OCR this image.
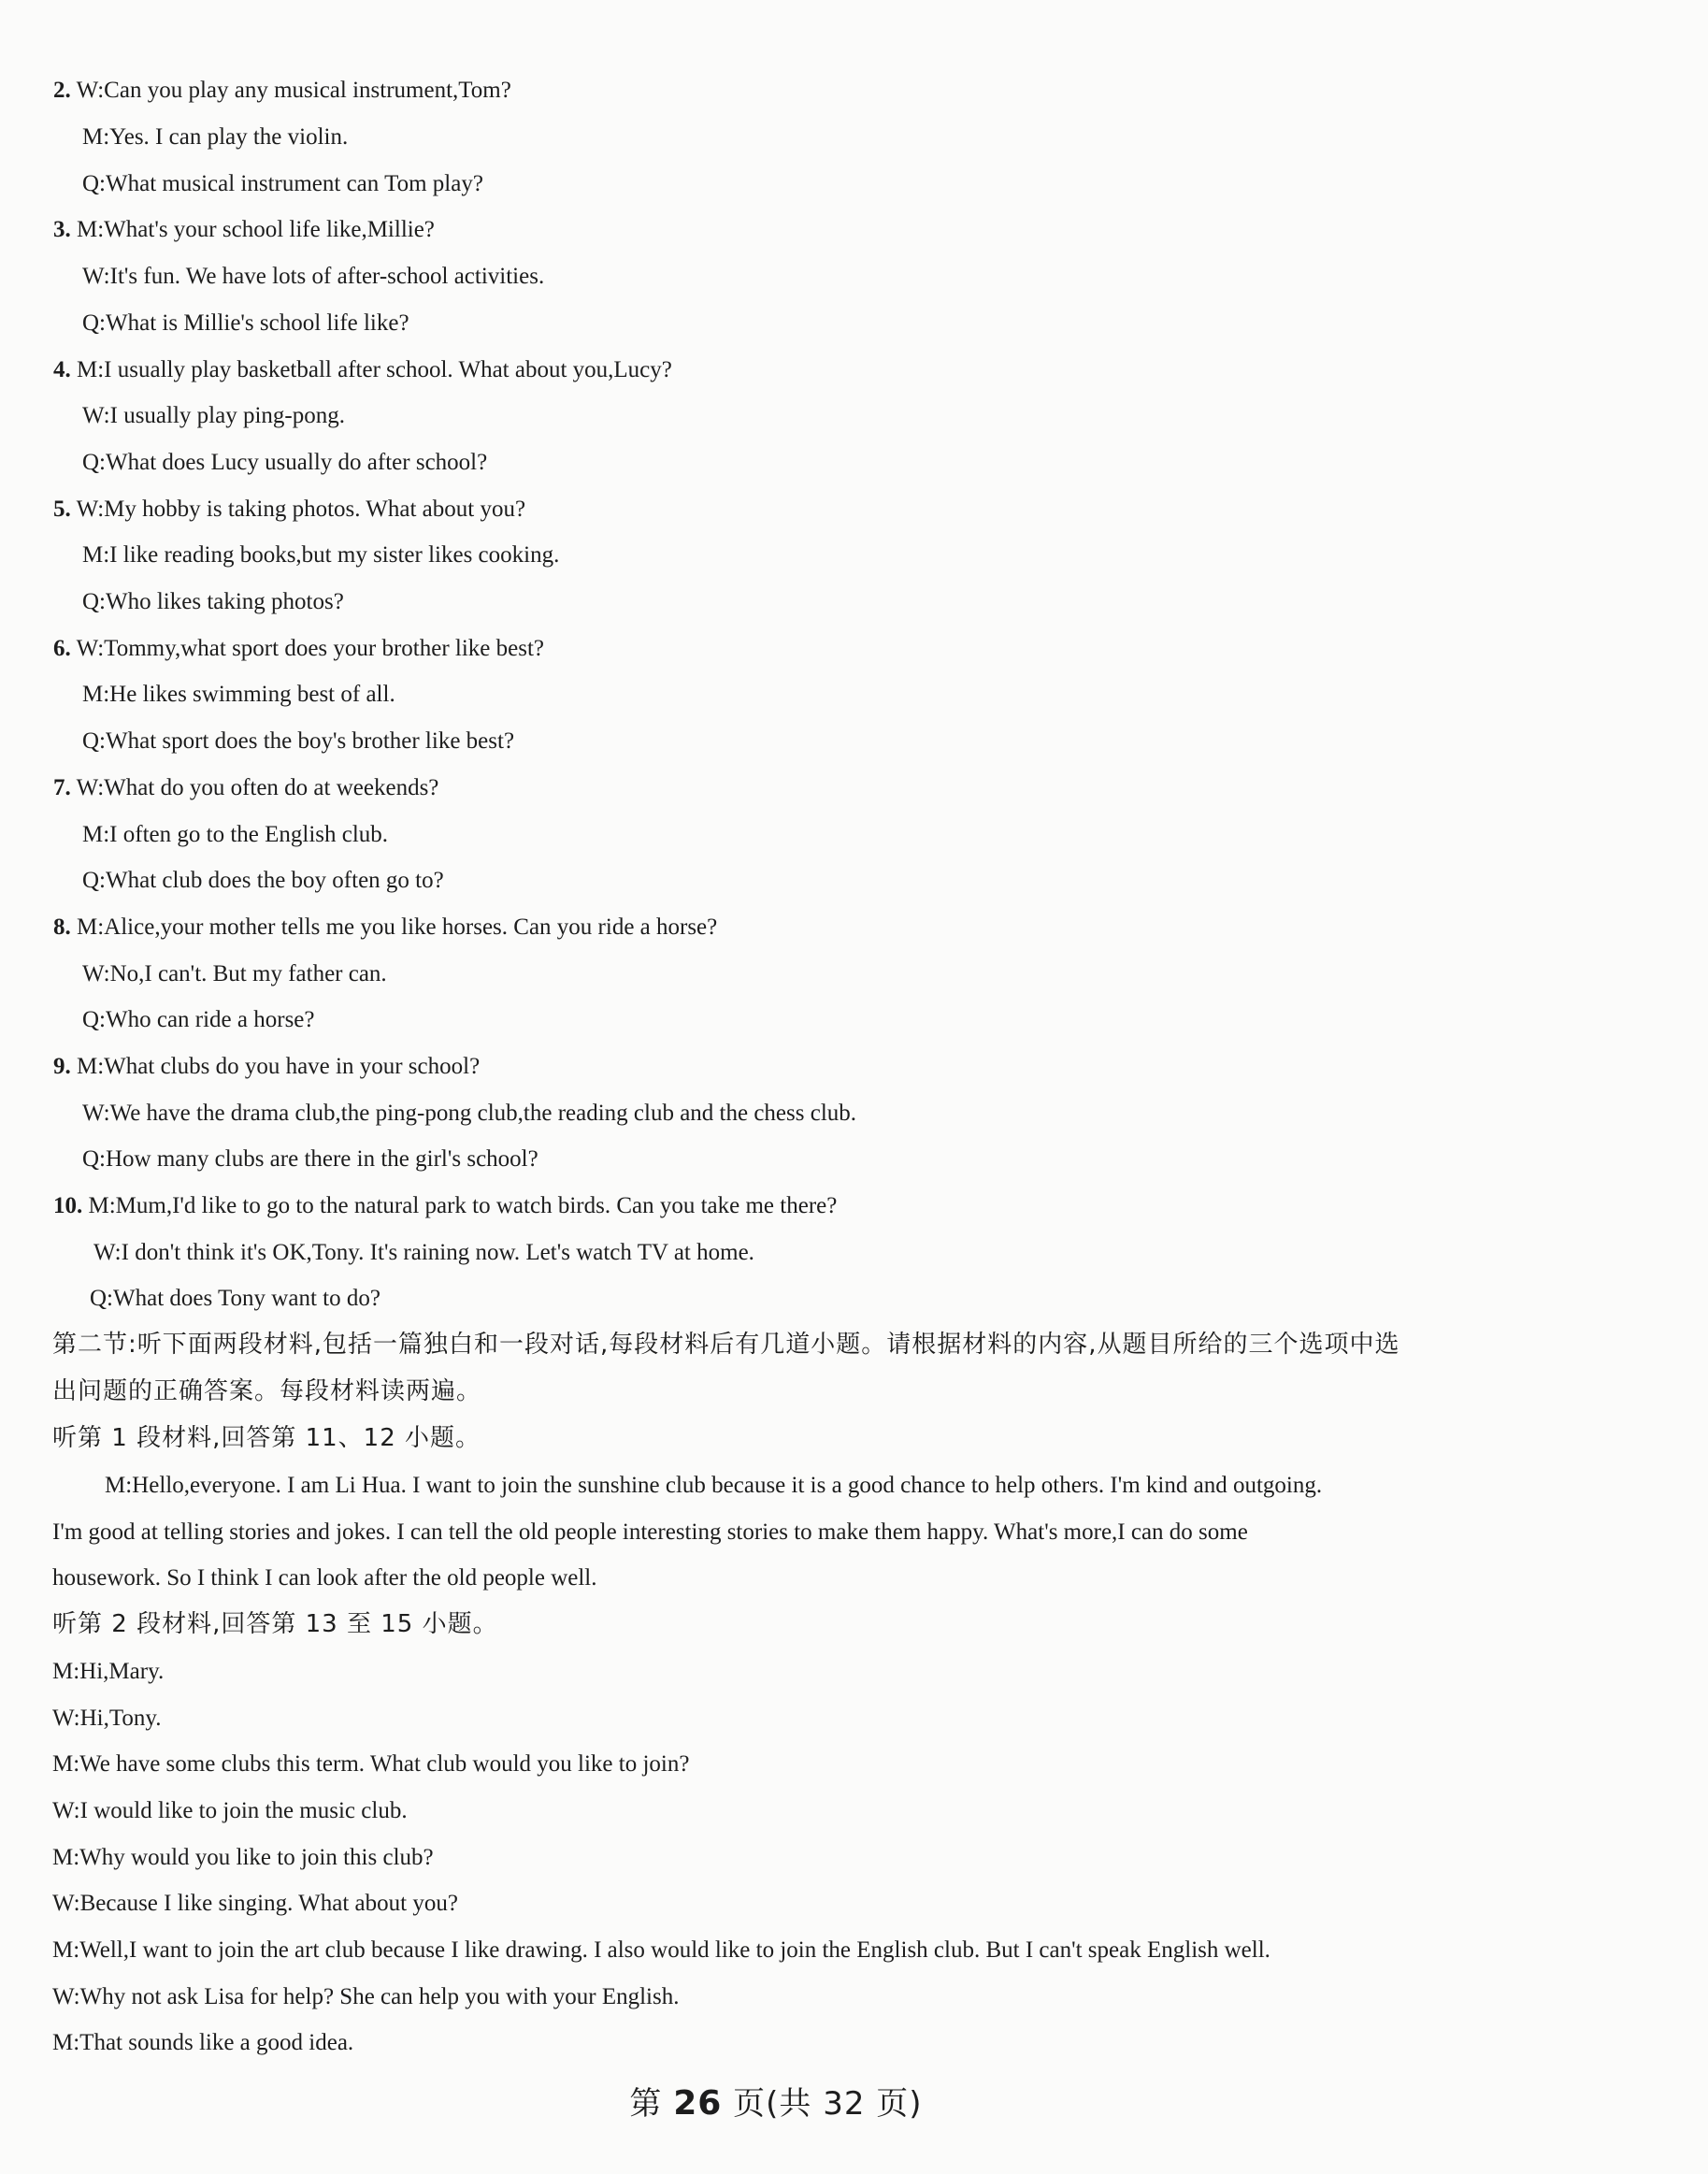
2. W:Can you play any musical instrument,Tom?
M:Yes. I can play the violin.
Q:What musical instrument can Tom play?
3. M:What's your school life like,Millie?
W:It's fun. We have lots of after-school activities.
Q:What is Millie's school life like?
4. M:I usually play basketball after school. What about you,Lucy?
W:I usually play ping-pong.
Q:What does Lucy usually do after school?
5. W:My hobby is taking photos. What about you?
M:I like reading books,but my sister likes cooking.
Q:Who likes taking photos?
6. W:Tommy,what sport does your brother like best?
M:He likes swimming best of all.
Q:What sport does the boy's brother like best?
7. W:What do you often do at weekends?
M:I often go to the English club.
Q:What club does the boy often go to?
8. M:Alice,your mother tells me you like horses. Can you ride a horse?
W:No,I can't. But my father can.
Q:Who can ride a horse?
9. M:What clubs do you have in your school?
W:We have the drama club,the ping-pong club,the reading club and the chess club.
Q:How many clubs are there in the girl's school?
10. M:Mum,I'd like to go to the natural park to watch birds. Can you take me there?
W:I don't think it's OK,Tony. It's raining now. Let's watch TV at home.
Q:What does Tony want to do?
第二节:听下面两段材料,包括一篇独白和一段对话,每段材料后有几道小题。请根据材料的内容,从题目所给的三个选项中选
出问题的正确答案。每段材料读两遍。
听第 1 段材料,回答第 11、12 小题。
M:Hello,everyone. I am Li Hua. I want to join the sunshine club because it is a good chance to help others. I'm kind and outgoing.
I'm good at telling stories and jokes. I can tell the old people interesting stories to make them happy. What's more,I can do some
housework. So I think I can look after the old people well.
听第 2 段材料,回答第 13 至 15 小题。
M:Hi,Mary.
W:Hi,Tony.
M:We have some clubs this term. What club would you like to join?
W:I would like to join the music club.
M:Why would you like to join this club?
W:Because I like singing. What about you?
M:Well,I want to join the art club because I like drawing. I also would like to join the English club. But I can't speak English well.
W:Why not ask Lisa for help? She can help you with your English.
M:That sounds like a good idea.
第 26 页(共 32 页)
